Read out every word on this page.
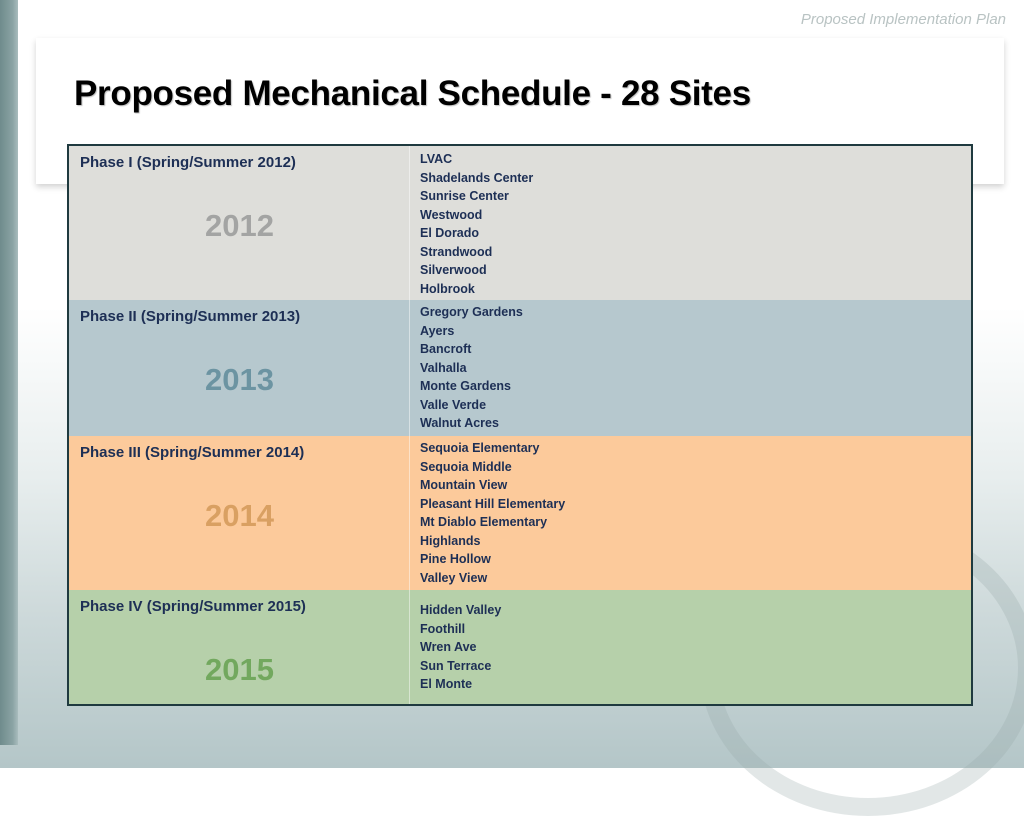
Proposed Implementation Plan
Proposed Mechanical Schedule - 28 Sites
Phase I (Spring/Summer 2012)
2012
LVAC
Shadelands Center
Sunrise Center
Westwood
El Dorado
Strandwood
Silverwood
Holbrook
Phase II (Spring/Summer 2013)
2013
Gregory Gardens
Ayers
Bancroft
Valhalla
Monte Gardens
Valle Verde
Walnut Acres
Phase III (Spring/Summer 2014)
2014
Sequoia Elementary
Sequoia Middle
Mountain View
Pleasant Hill Elementary
Mt Diablo Elementary
Highlands
Pine Hollow
Valley View
Phase IV (Spring/Summer 2015)
2015
Hidden Valley
Foothill
Wren Ave
Sun Terrace
El Monte
